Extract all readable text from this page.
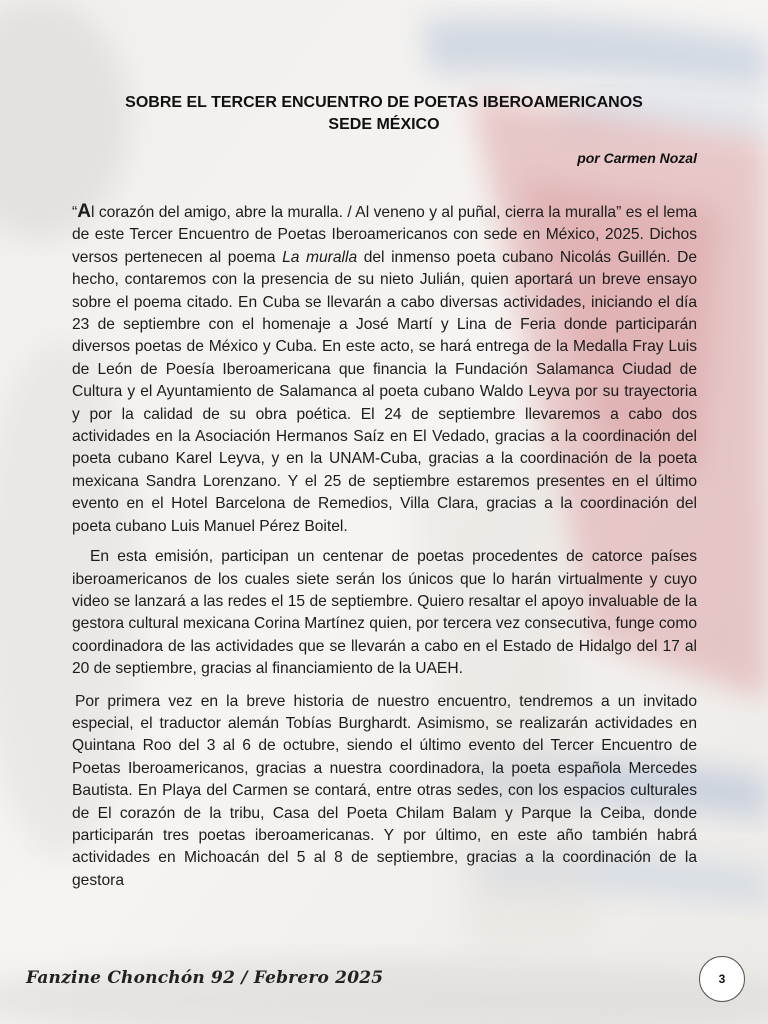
SOBRE EL TERCER ENCUENTRO DE POETAS IBEROAMERICANOS
SEDE MÉXICO
por Carmen Nozal

“Al corazón del amigo, abre la muralla. / Al veneno y al puñal, cierra la muralla” es el lema de este Tercer Encuentro de Poetas Iberoamericanos con sede en México, 2025. Dichos versos pertenecen al poema La muralla del inmenso poeta cubano Nicolás Guillén. De hecho, contaremos con la presencia de su nieto Julián, quien aportará un breve ensayo sobre el poema citado. En Cuba se llevarán a cabo diversas actividades, iniciando el día 23 de septiembre con el homenaje a José Martí y Lina de Feria donde participarán diversos poetas de México y Cuba. En este acto, se hará entrega de la Medalla Fray Luis de León de Poesía Iberoamericana que financia la Fundación Salamanca Ciudad de Cultura y el Ayuntamiento de Salamanca al poeta cubano Waldo Leyva por su trayectoria y por la calidad de su obra poética. El 24 de septiembre llevaremos a cabo dos actividades en la Asociación Hermanos Saíz en El Vedado, gracias a la coordinación del poeta cubano Karel Leyva, y en la UNAM-Cuba, gracias a la coordinación de la poeta mexicana Sandra Lorenzano. Y el 25 de septiembre estaremos presentes en el último evento en el Hotel Barcelona de Remedios, Villa Clara, gracias a la coordinación del poeta cubano Luis Manuel Pérez Boitel.

En esta emisión, participan un centenar de poetas procedentes de catorce países iberoamericanos de los cuales siete serán los únicos que lo harán virtualmente y cuyo video se lanzará a las redes el 15 de septiembre. Quiero resaltar el apoyo invaluable de la gestora cultural mexicana Corina Martínez quien, por tercera vez consecutiva, funge como coordinadora de las actividades que se llevarán a cabo en el Estado de Hidalgo del 17 al 20 de septiembre, gracias al financiamiento de la UAEH.

Por primera vez en la breve historia de nuestro encuentro, tendremos a un invitado especial, el traductor alemán Tobías Burghardt. Asimismo, se realizarán actividades en Quintana Roo del 3 al 6 de octubre, siendo el último evento del Tercer Encuentro de Poetas Iberoamericanos, gracias a nuestra coordinadora, la poeta española Mercedes Bautista. En Playa del Carmen se contará, entre otras sedes, con los espacios culturales de El corazón de la tribu, Casa del Poeta Chilam Balam y Parque la Ceiba, donde participarán tres poetas iberoamericanas. Y por último, en este año también habrá actividades en Michoacán del 5 al 8 de septiembre, gracias a la coordinación de la gestora

Fanzine Chonchón 92 / Febrero 2025	3
